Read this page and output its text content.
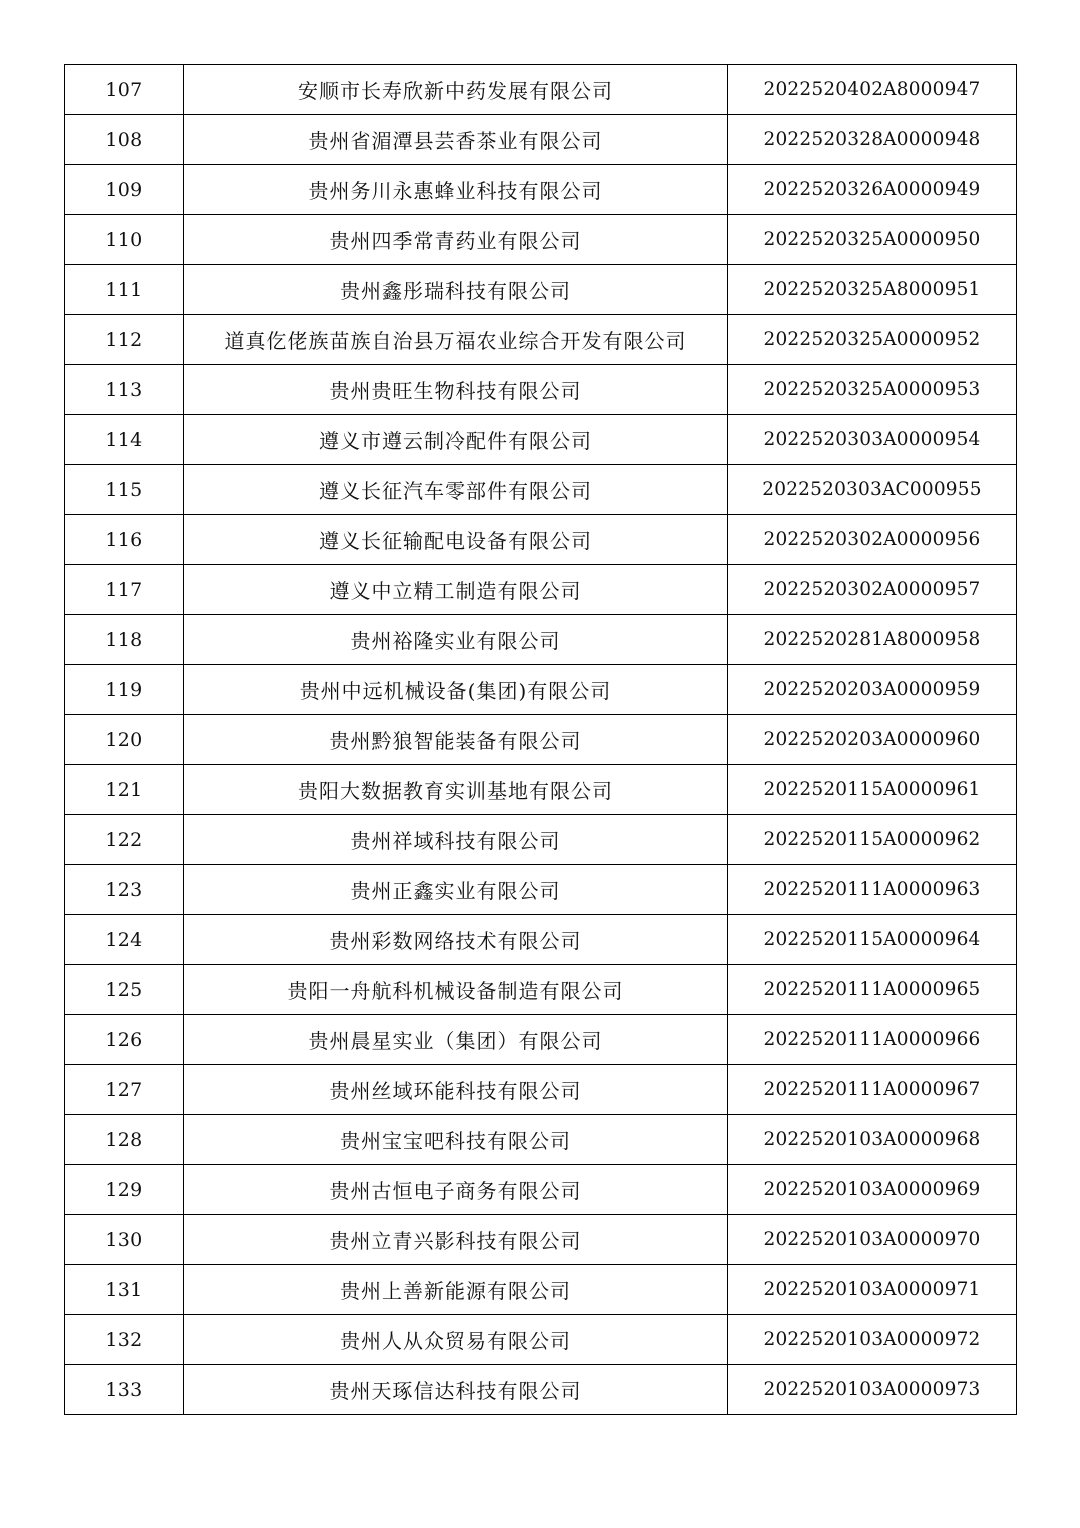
107	安顺市长寿欣新中药发展有限公司	2022520402A8000947
108	贵州省湄潭县芸香茶业有限公司	2022520328A0000948
109	贵州务川永惠蜂业科技有限公司	2022520326A0000949
110	贵州四季常青药业有限公司	2022520325A0000950
111	贵州鑫彤瑞科技有限公司	2022520325A8000951
112	道真仡佬族苗族自治县万福农业综合开发有限公司	2022520325A0000952
113	贵州贵旺生物科技有限公司	2022520325A0000953
114	遵义市遵云制冷配件有限公司	2022520303A0000954
115	遵义长征汽车零部件有限公司	2022520303AC000955
116	遵义长征输配电设备有限公司	2022520302A0000956
117	遵义中立精工制造有限公司	2022520302A0000957
118	贵州裕隆实业有限公司	2022520281A8000958
119	贵州中远机械设备(集团)有限公司	2022520203A0000959
120	贵州黔狼智能装备有限公司	2022520203A0000960
121	贵阳大数据教育实训基地有限公司	2022520115A0000961
122	贵州祥域科技有限公司	2022520115A0000962
123	贵州正鑫实业有限公司	2022520111A0000963
124	贵州彩数网络技术有限公司	2022520115A0000964
125	贵阳一舟航科机械设备制造有限公司	2022520111A0000965
126	贵州晨星实业（集团）有限公司	2022520111A0000966
127	贵州丝域环能科技有限公司	2022520111A0000967
128	贵州宝宝吧科技有限公司	2022520103A0000968
129	贵州古恒电子商务有限公司	2022520103A0000969
130	贵州立青兴影科技有限公司	2022520103A0000970
131	贵州上善新能源有限公司	2022520103A0000971
132	贵州人从众贸易有限公司	2022520103A0000972
133	贵州天琢信达科技有限公司	2022520103A0000973
